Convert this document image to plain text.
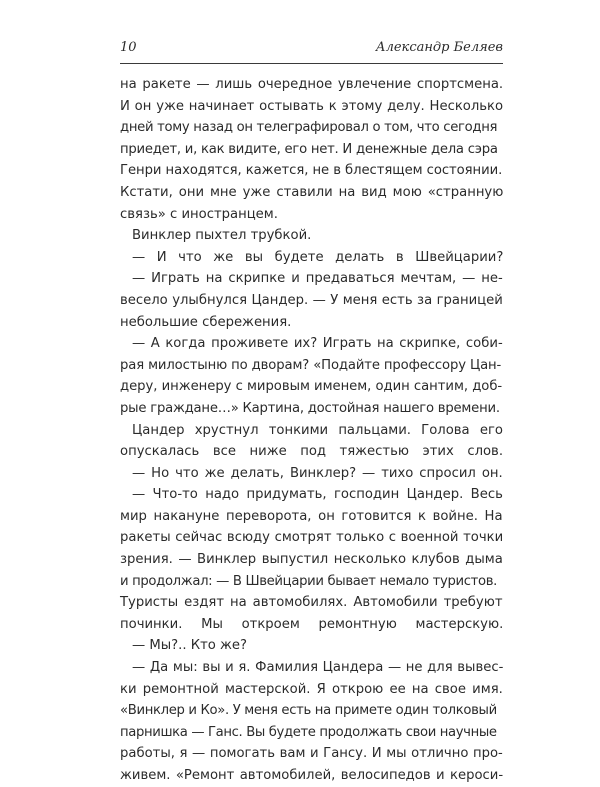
10	Александр Беляев
на ракете — лишь очередное увлечение спортсмена.
И он уже начинает остывать к этому делу. Несколько
дней тому назад он телеграфировал о том, что сегодня
приедет, и, как видите, его нет. И денежные дела сэра
Генри находятся, кажется, не в блестящем состоянии.
Кстати, они мне уже ставили на вид мою «странную
связь» с иностранцем.
Винклер пыхтел трубкой.
— И что же вы будете делать в Швейцарии?
— Играть на скрипке и предаваться мечтам, — не-
весело улыбнулся Цандер. — У меня есть за границей
небольшие сбережения.
— А когда проживете их? Играть на скрипке, соби-
рая милостыню по дворам? «Подайте профессору Цан-
деру, инженеру с мировым именем, один сантим, доб-
рые граждане…» Картина, достойная нашего времени.
Цандер хрустнул тонкими пальцами. Голова его
опускалась все ниже под тяжестью этих слов.
— Но что же делать, Винклер? — тихо спросил он.
— Что-то надо придумать, господин Цандер. Весь
мир накануне переворота, он готовится к войне. На
ракеты сейчас всюду смотрят только с военной точки
зрения. — Винклер выпустил несколько клубов дыма
и продолжал: — В Швейцарии бывает немало туристов.
Туристы ездят на автомобилях. Автомобили требуют
починки. Мы откроем ремонтную мастерскую.
— Мы?.. Кто же?
— Да мы: вы и я. Фамилия Цандера — не для вывес-
ки ремонтной мастерской. Я открою ее на свое имя.
«Винклер и Ко». У меня есть на примете один толковый
парнишка — Ганс. Вы будете продолжать свои научные
работы, я — помогать вам и Гансу. И мы отлично про-
живем. «Ремонт автомобилей, велосипедов и кероси-
